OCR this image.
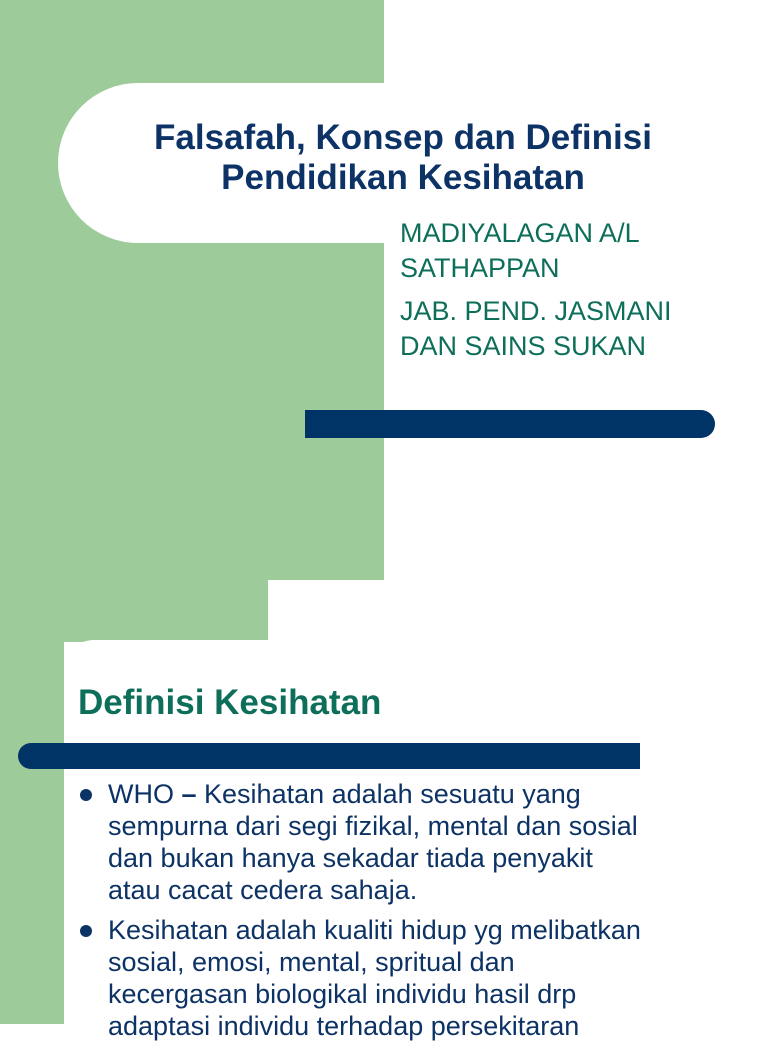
Falsafah, Konsep dan Definisi
Pendidikan Kesihatan

MADIYALAGAN A/L
SATHAPPAN

JAB. PEND. JASMANI
DAN SAINS SUKAN

Definisi Kesihatan
WHO – Kesihatan adalah sesuatu yang
sempurna dari segi fizikal, mental dan sosial
dan bukan hanya sekadar tiada penyakit
atau cacat cedera sahaja.
Kesihatan adalah kualiti hidup yg melibatkan
sosial, emosi, mental, spritual dan
kecergasan biologikal individu hasil drp
adaptasi individu terhadap persekitaran
